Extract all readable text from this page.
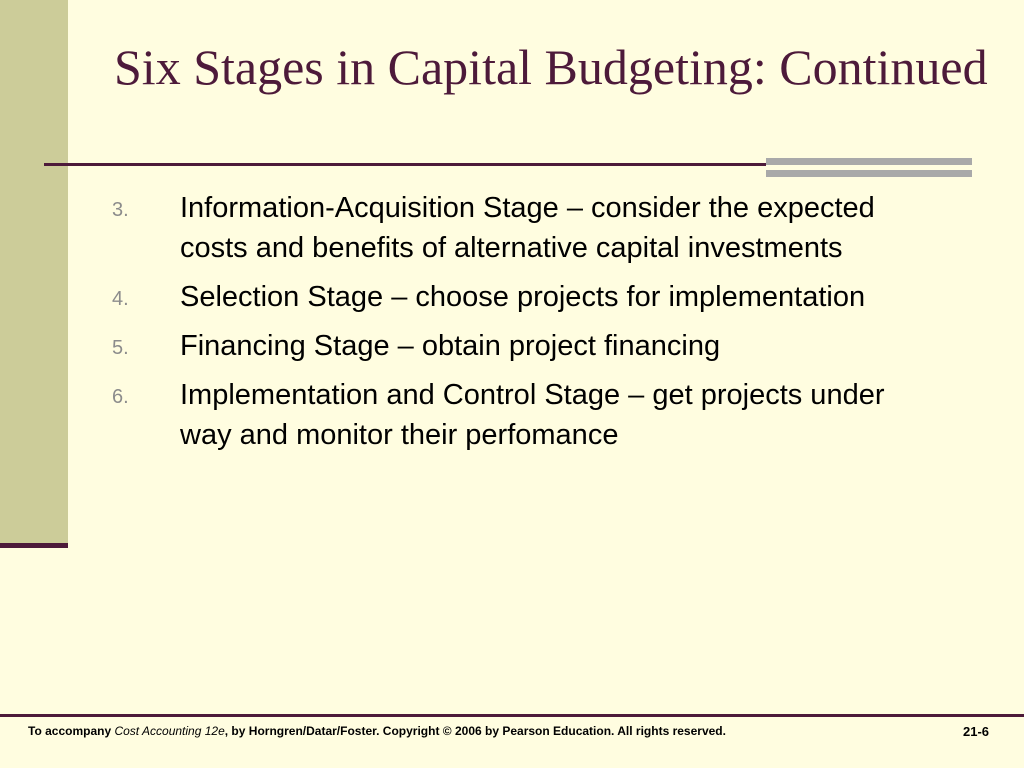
Six Stages in Capital Budgeting: Continued
3. Information-Acquisition Stage – consider the expected costs and benefits of alternative capital investments
4. Selection Stage – choose projects for implementation
5. Financing Stage – obtain project financing
6. Implementation and Control Stage – get projects under way and monitor their perfomance
To accompany Cost Accounting 12e, by Horngren/Datar/Foster. Copyright © 2006 by Pearson Education. All rights reserved.	21-6
